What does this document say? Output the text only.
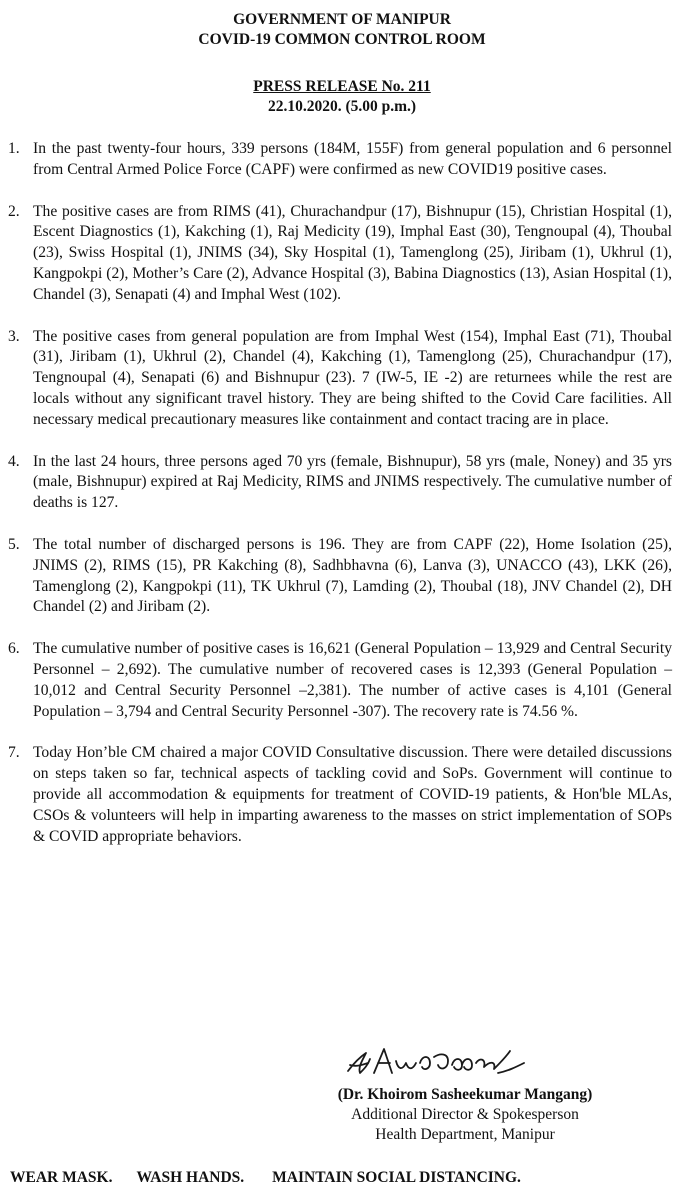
GOVERNMENT OF MANIPUR
COVID-19 COMMON CONTROL ROOM
PRESS RELEASE No. 211
22.10.2020. (5.00 p.m.)
1. In the past twenty-four hours, 339 persons (184M, 155F) from general population and 6 personnel from Central Armed Police Force (CAPF) were confirmed as new COVID19 positive cases.
2. The positive cases are from RIMS (41), Churachandpur (17), Bishnupur (15), Christian Hospital (1), Escent Diagnostics (1), Kakching (1), Raj Medicity (19), Imphal East (30), Tengnoupal (4), Thoubal (23), Swiss Hospital (1), JNIMS (34), Sky Hospital (1), Tamenglong (25), Jiribam (1), Ukhrul (1), Kangpokpi (2), Mother’s Care (2), Advance Hospital (3), Babina Diagnostics (13), Asian Hospital (1), Chandel (3), Senapati (4) and Imphal West (102).
3. The positive cases from general population are from Imphal West (154), Imphal East (71), Thoubal (31), Jiribam (1), Ukhrul (2), Chandel (4), Kakching (1), Tamenglong (25), Churachandpur (17), Tengnoupal (4), Senapati (6) and Bishnupur (23). 7 (IW-5, IE -2) are returnees while the rest are locals without any significant travel history. They are being shifted to the Covid Care facilities. All necessary medical precautionary measures like containment and contact tracing are in place.
4. In the last 24 hours, three persons aged 70 yrs (female, Bishnupur), 58 yrs (male, Noney) and 35 yrs (male, Bishnupur) expired at Raj Medicity, RIMS and JNIMS respectively. The cumulative number of deaths is 127.
5. The total number of discharged persons is 196. They are from CAPF (22), Home Isolation (25), JNIMS (2), RIMS (15), PR Kakching (8), Sadhbhavna (6), Lanva (3), UNACCO (43), LKK (26), Tamenglong (2), Kangpokpi (11), TK Ukhrul (7), Lamding (2), Thoubal (18), JNV Chandel (2), DH Chandel (2) and Jiribam (2).
6. The cumulative number of positive cases is 16,621 (General Population – 13,929 and Central Security Personnel – 2,692). The cumulative number of recovered cases is 12,393 (General Population – 10,012 and Central Security Personnel –2,381). The number of active cases is 4,101 (General Population – 3,794 and Central Security Personnel -307). The recovery rate is 74.56 %.
7. Today Hon’ble CM chaired a major COVID Consultative discussion. There were detailed discussions on steps taken so far, technical aspects of tackling covid and SoPs. Government will continue to provide all accommodation & equipments for treatment of COVID-19 patients, & Hon'ble MLAs, CSOs & volunteers will help in imparting awareness to the masses on strict implementation of SOPs & COVID appropriate behaviors.
(Dr. Khoirom Sasheekumar Mangang)
Additional Director & Spokesperson
Health Department, Manipur
WEAR MASK. WASH HANDS. MAINTAIN SOCIAL DISTANCING.
